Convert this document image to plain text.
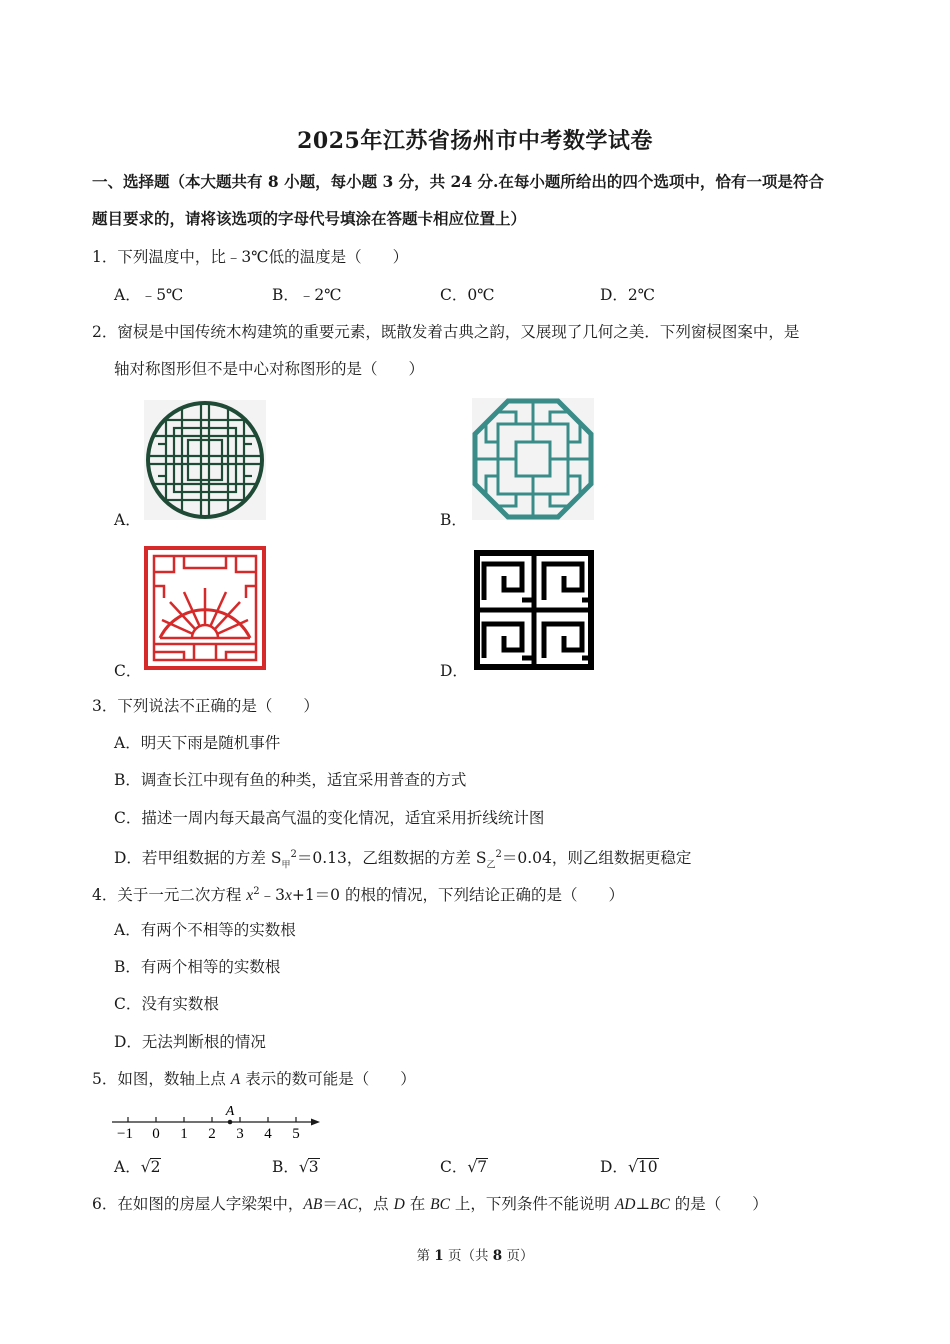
2025年江苏省扬州市中考数学试卷
一、选择题（本大题共有 8 小题，每小题 3 分，共 24 分.在每小题所给出的四个选项中，恰有一项是符合
题目要求的，请将该选项的字母代号填涂在答题卡相应位置上）
1．下列温度中，比﹣3℃低的温度是（　　）
A．﹣5℃	B．﹣2℃	C．0℃	D．2℃
2．窗棂是中国传统木构建筑的重要元素，既散发着古典之韵，又展现了几何之美．下列窗棂图案中，是
轴对称图形但不是中心对称图形的是（　　）
A．	B．
C．	D．
3．下列说法不正确的是（　　）
A．明天下雨是随机事件
B．调查长江中现有鱼的种类，适宜采用普查的方式
C．描述一周内每天最高气温的变化情况，适宜采用折线统计图
D．若甲组数据的方差 $S_甲^2=0.13$，乙组数据的方差 $S_乙^2=0.04$，则乙组数据更稳定
4．关于一元二次方程 $x^2﹣3x+1=0$ 的根的情况，下列结论正确的是（　　）
A．有两个不相等的实数根
B．有两个相等的实数根
C．没有实数根
D．无法判断根的情况
5．如图，数轴上点 A 表示的数可能是（　　）
A
−1 0 1 2 3 4 5
A．√2	B．√3	C．√7	D．√10
6．在如图的房屋人字梁架中，AB＝AC，点 D 在 BC 上，下列条件不能说明 AD⊥BC 的是（　　）
第 1 页（共 8 页）
